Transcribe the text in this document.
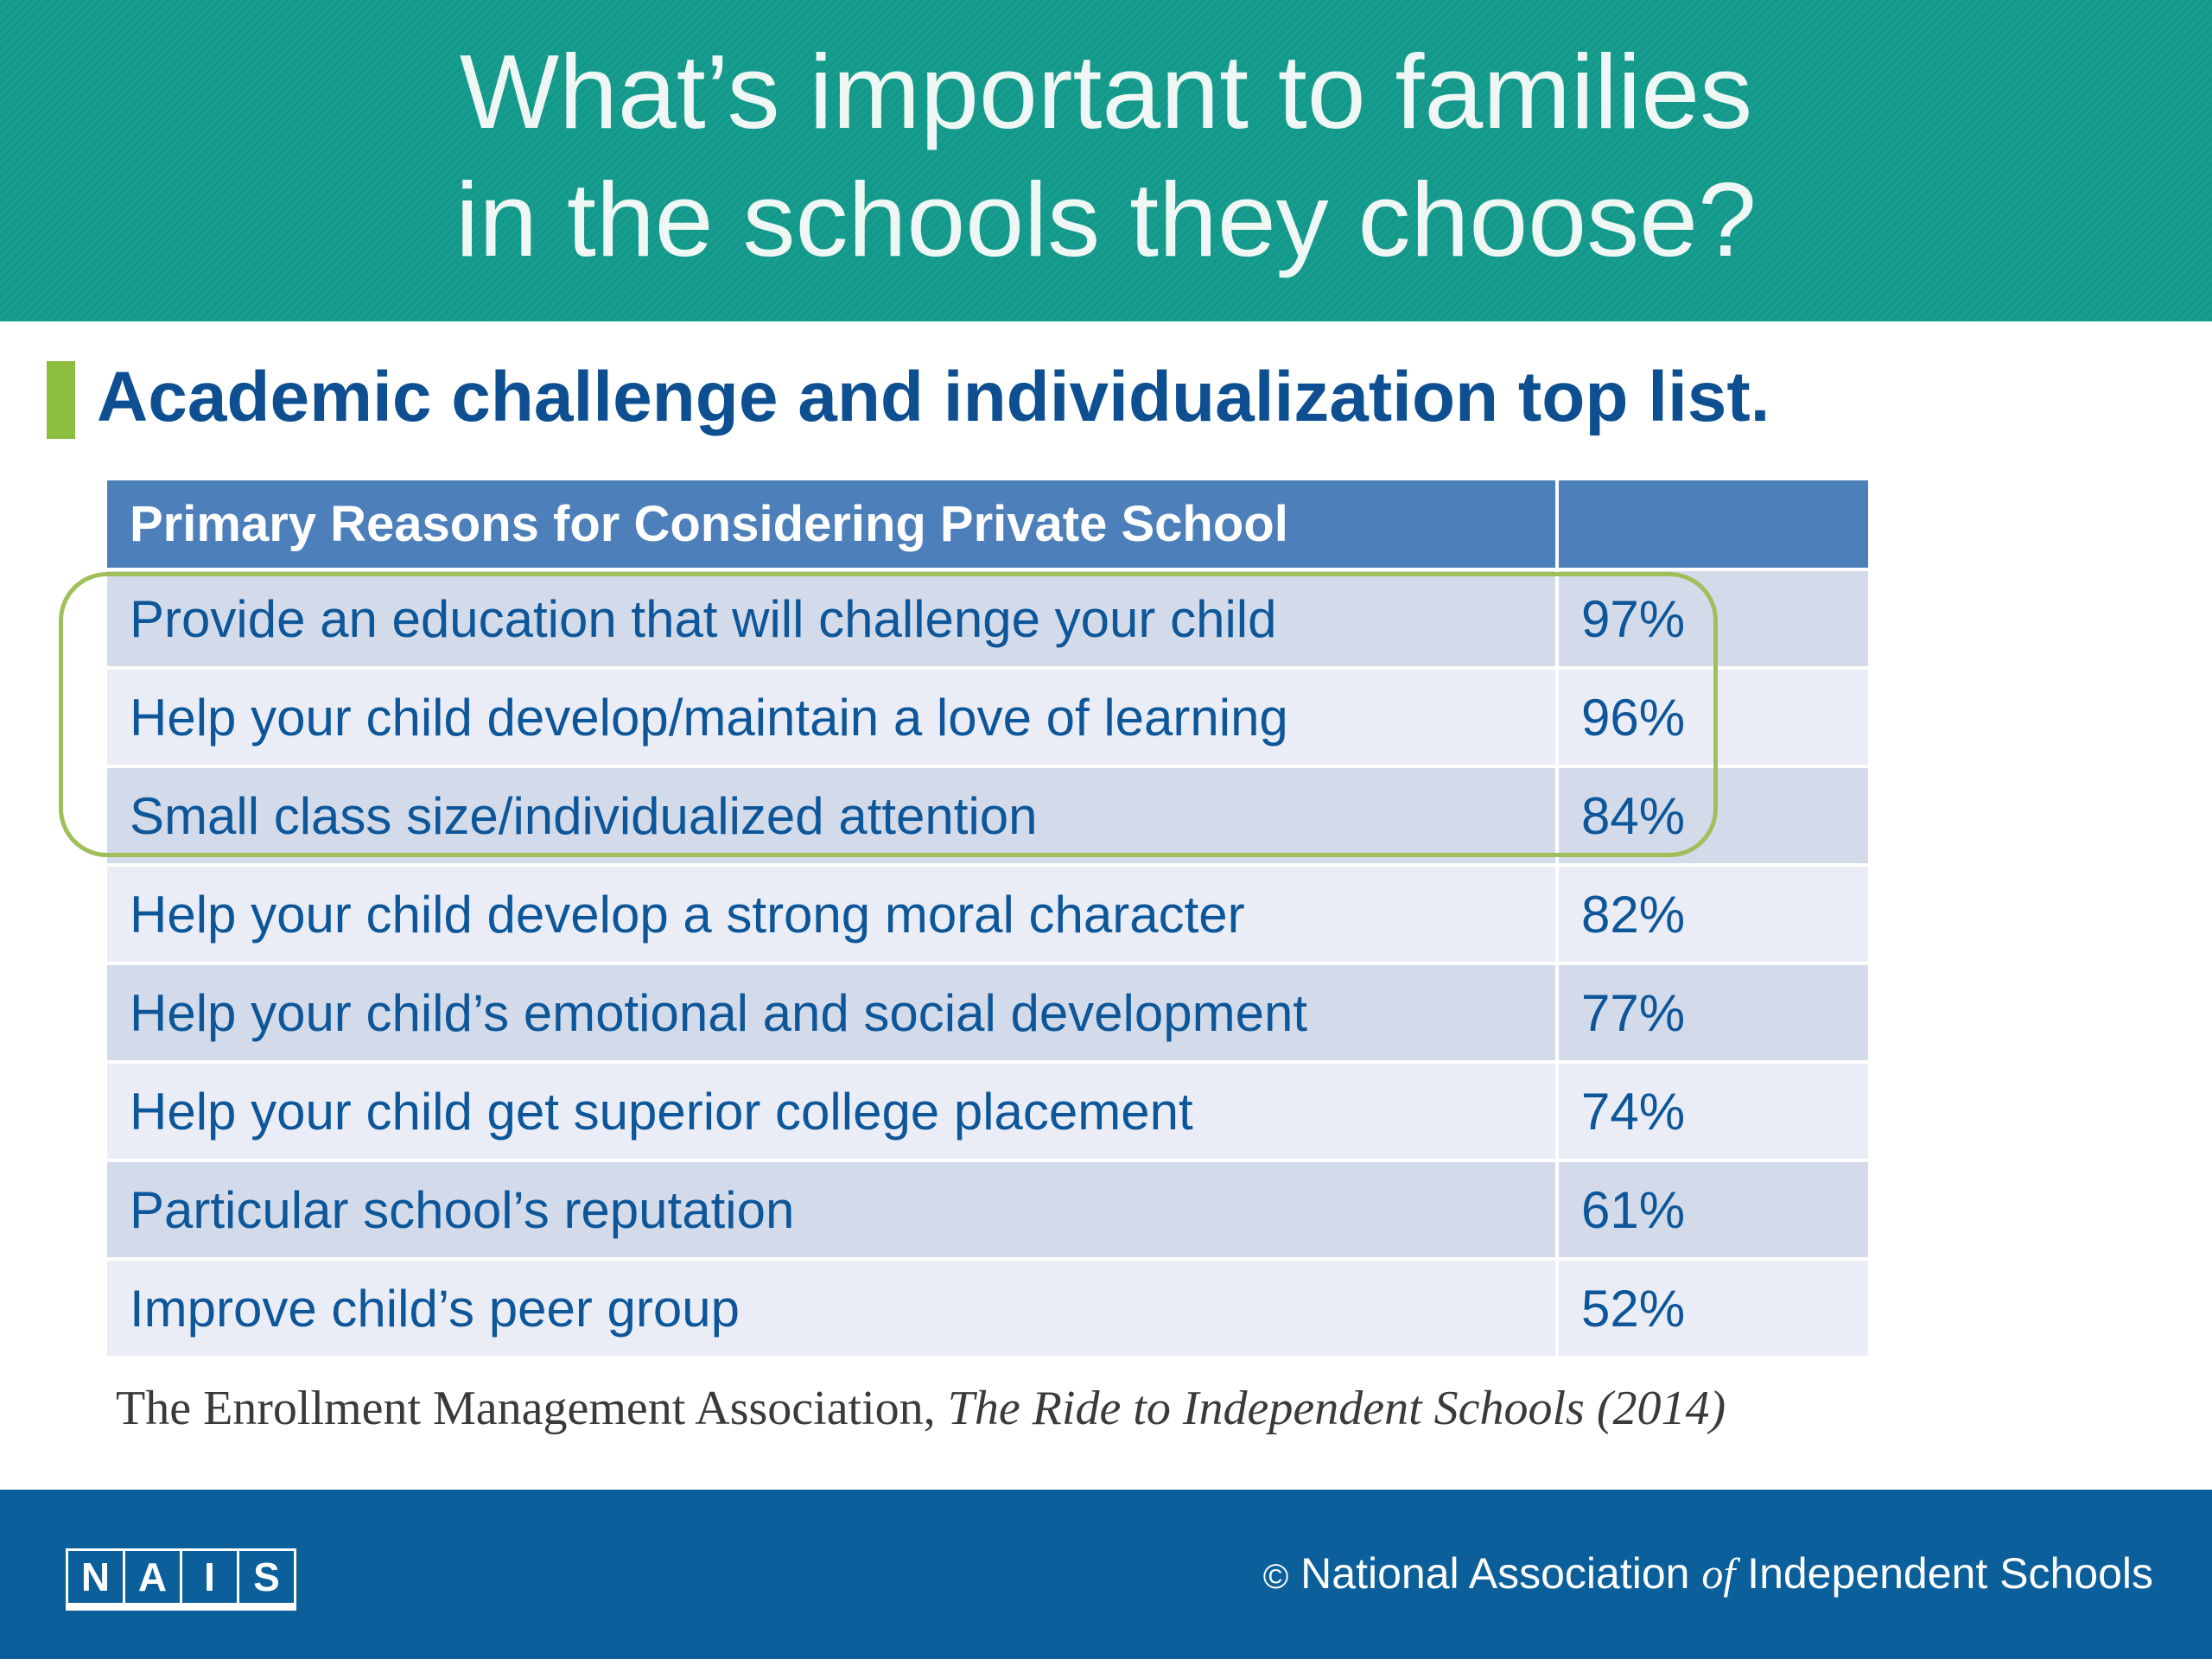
What’s important to families
in the schools they choose?
Academic challenge and individualization top list.
Primary Reasons for Considering Private School	
Provide an education that will challenge your child	97%
Help your child develop/maintain a love of learning	96%
Small class size/individualized attention	84%
Help your child develop a strong moral character	82%
Help your child’s emotional and social development	77%
Help your child get superior college placement	74%
Particular school’s reputation	61%
Improve child’s peer group	52%

The Enrollment Management Association, The Ride to Independent Schools (2014)

N A I S	© National Association of Independent Schools
